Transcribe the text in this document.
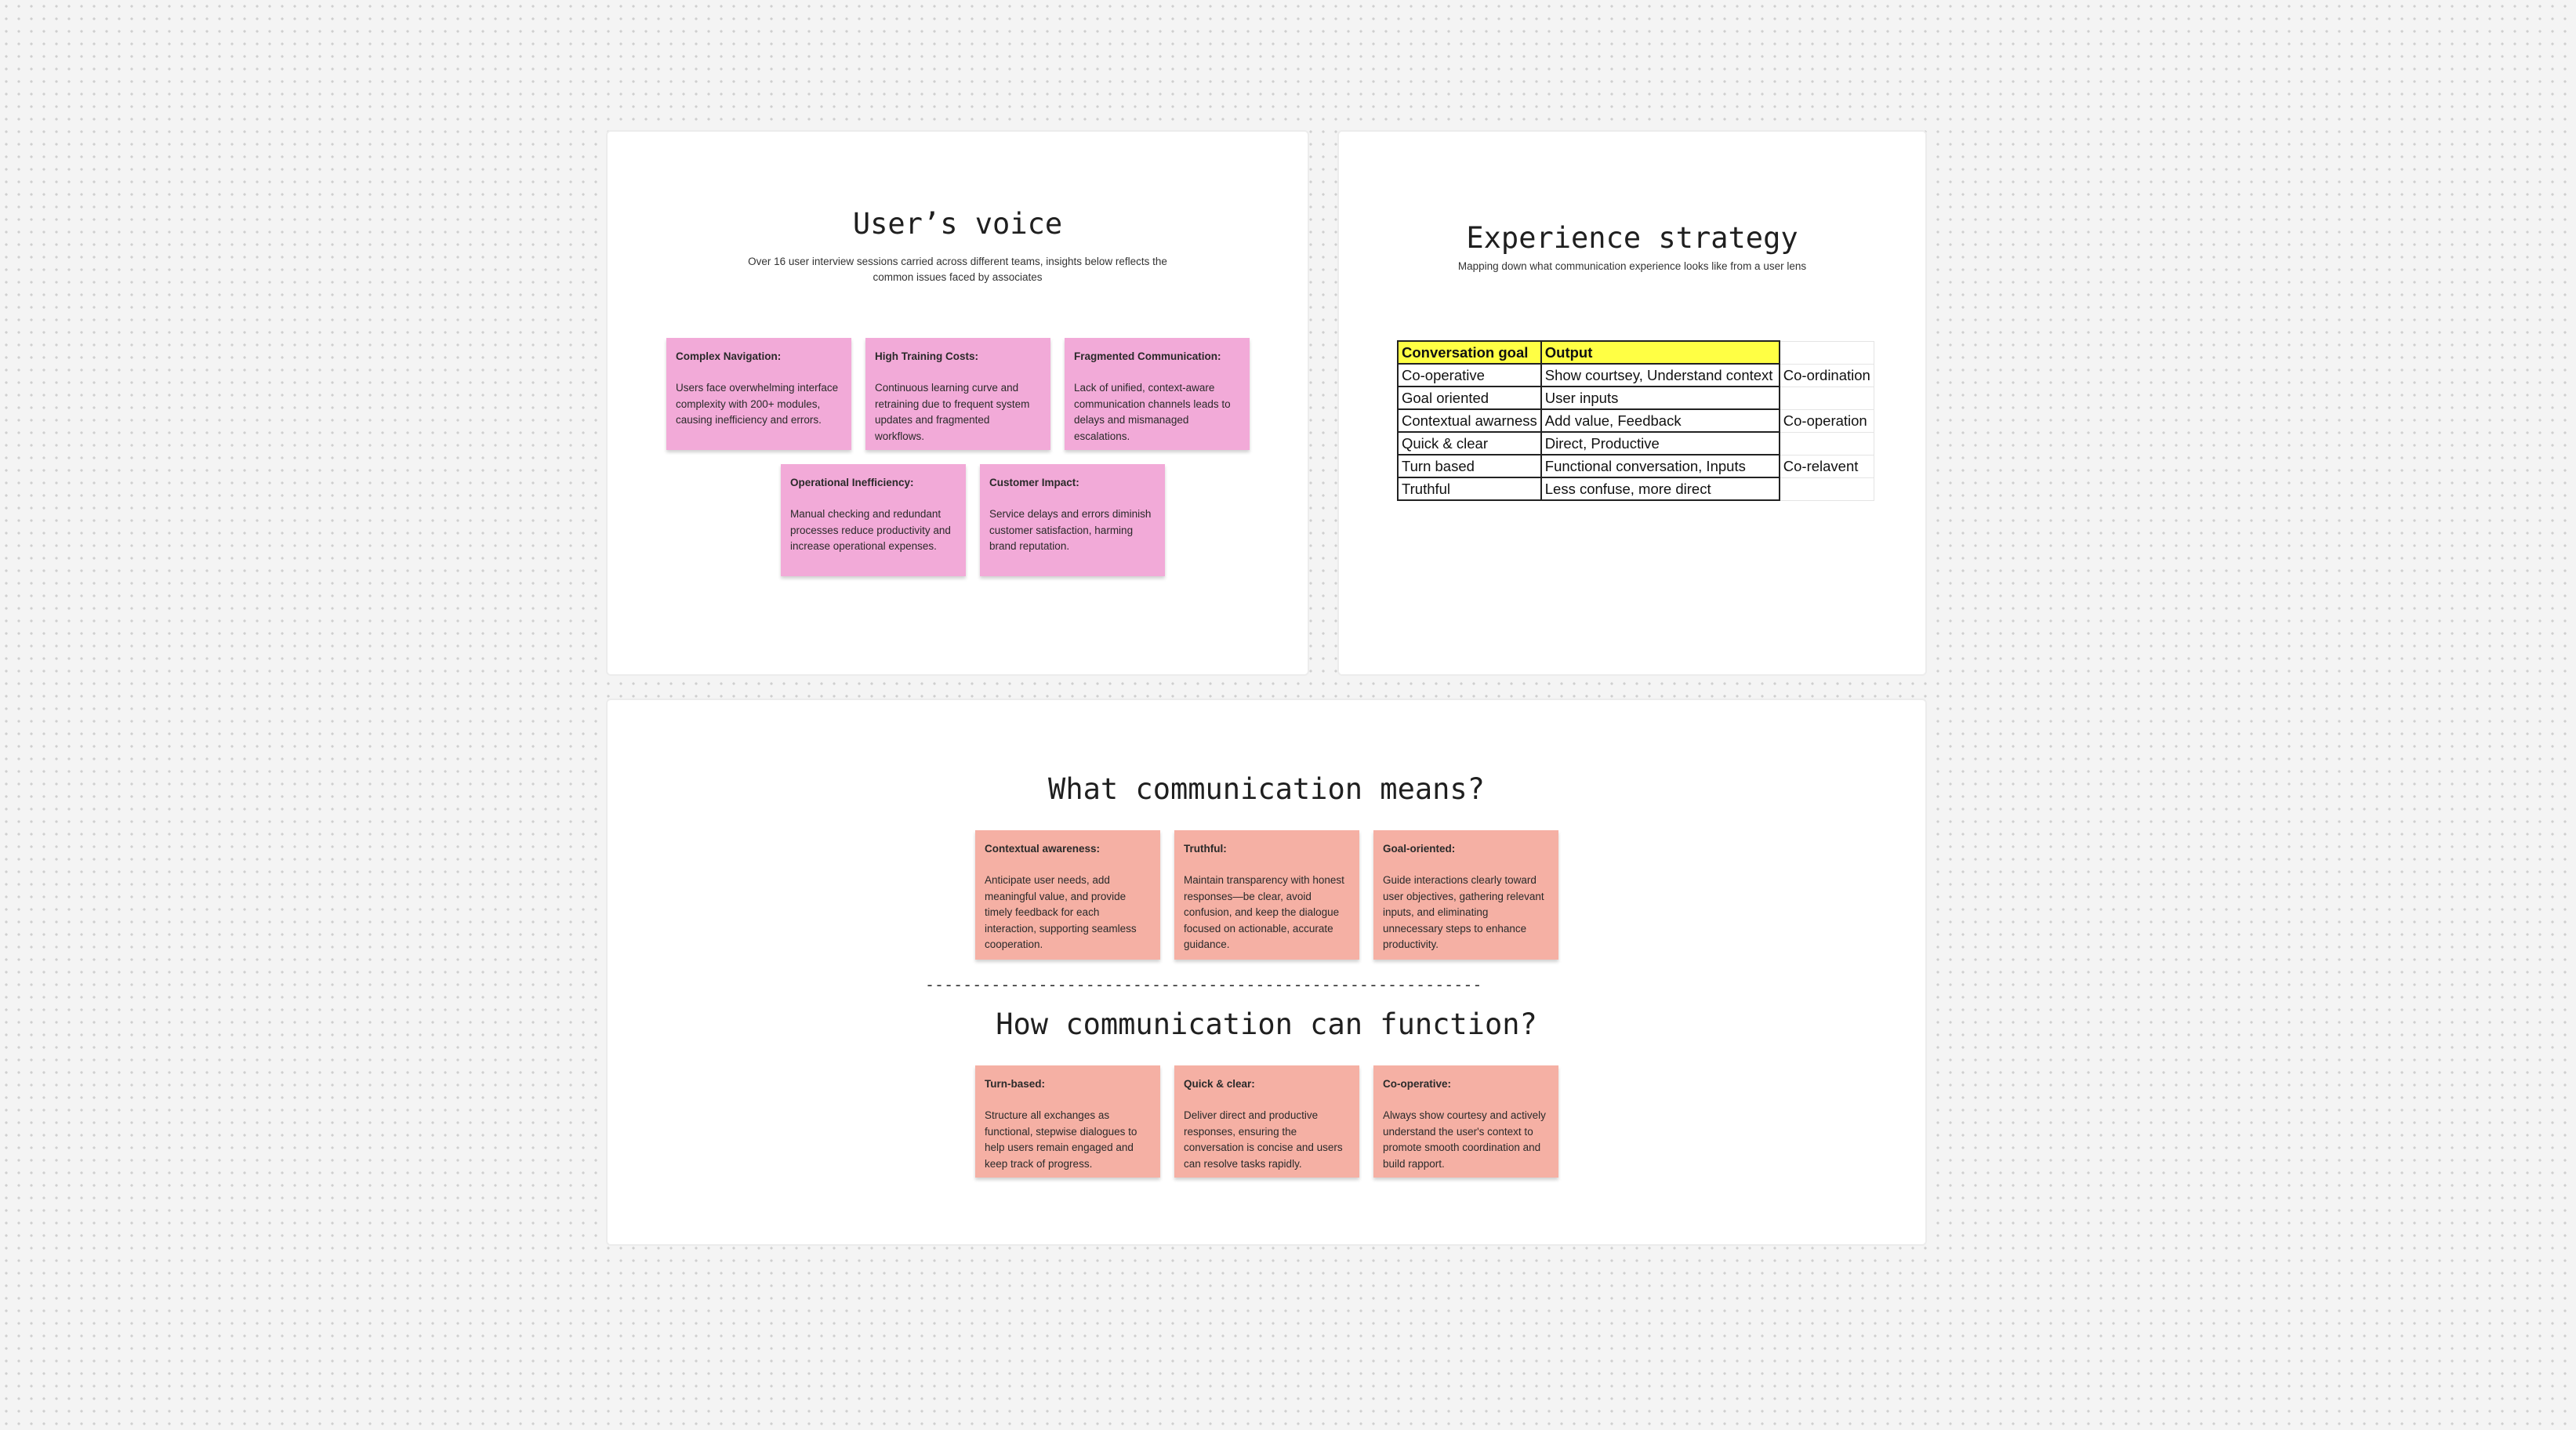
User’s voice

Over 16 user interview sessions carried across different teams, insights below reflects the
common issues faced by associates

Complex Navigation:
Users face overwhelming interface complexity with 200+ modules, causing inefficiency and errors.
High Training Costs:
Continuous learning curve and retraining due to frequent system updates and fragmented workflows.
Fragmented Communication:
Lack of unified, context-aware communication channels leads to delays and mismanaged escalations.
Operational Inefficiency:
Manual checking and redundant processes reduce productivity and increase operational expenses.
Customer Impact:
Service delays and errors diminish customer satisfaction, harming brand reputation.
Experience strategy

Mapping down what communication experience looks like from a user lens

Conversation goal	Output	
Co-operative	Show courtsey, Understand context	Co-ordination
Goal oriented	User inputs	
Contextual awarness	Add value, Feedback	Co-operation
Quick & clear	Direct, Productive	
Turn based	Functional conversation, Inputs	Co-relavent
Truthful	Less confuse, more direct	
What communication means?
Contextual awareness:
Anticipate user needs, add meaningful value, and provide timely feedback for each interaction, supporting seamless cooperation.
Truthful:
Maintain transparency with honest responses—be clear, avoid confusion, and keep the dialogue focused on actionable, accurate guidance.
Goal-oriented:
Guide interactions clearly toward user objectives, gathering relevant inputs, and eliminating unnecessary steps to enhance productivity.
-----------------------------------------------------------
How communication can function?
Turn-based:
Structure all exchanges as functional, stepwise dialogues to help users remain engaged and keep track of progress.
Quick & clear:
Deliver direct and productive responses, ensuring the conversation is concise and users can resolve tasks rapidly.
Co-operative:
Always show courtesy and actively understand the user's context to promote smooth coordination and build rapport.
